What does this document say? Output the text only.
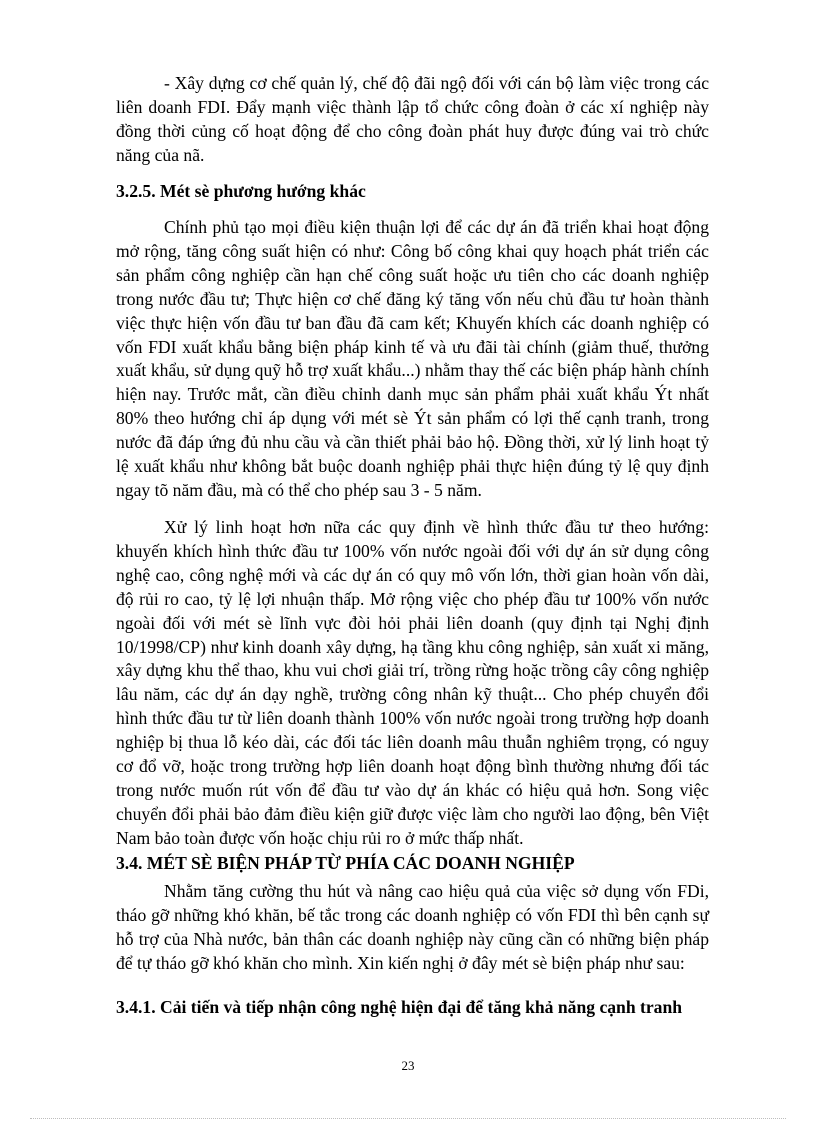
- Xây dựng cơ chế quản lý, chế độ đãi ngộ đối với cán bộ làm việc trong các liên doanh FDI. Đẩy mạnh việc thành lập tổ chức công đoàn ở các xí nghiệp này đồng thời củng cố hoạt động để cho công đoàn phát huy được đúng vai trò chức năng của nã.

3.2.5. Mét sè phương hướng khác

Chính phủ tạo mọi điều kiện thuận lợi để các dự án đã triển khai hoạt động mở rộng, tăng công suất hiện có như: Công bố công khai quy hoạch phát triển các sản phẩm công nghiệp cần hạn chế công suất hoặc ưu tiên cho các doanh nghiệp trong nước đầu tư; Thực hiện cơ chế đăng ký tăng vốn nếu chủ đầu tư hoàn thành việc thực hiện vốn đầu tư ban đầu đã cam kết; Khuyến khích các doanh nghiệp có vốn FDI xuất khẩu bằng biện pháp kinh tế và ưu đãi tài chính (giảm thuế, thưởng xuất khẩu, sử dụng quỹ hỗ trợ xuất khẩu...) nhằm thay thế các biện pháp hành chính hiện nay. Trước mắt, cần điều chỉnh danh mục sản phẩm phải xuất khẩu Ýt nhất 80% theo hướng chỉ áp dụng với mét sè Ýt sản phẩm có lợi thế cạnh tranh, trong nước đã đáp ứng đủ nhu cầu và cần thiết phải bảo hộ. Đồng thời, xử lý linh hoạt tỷ lệ xuất khẩu như không bắt buộc doanh nghiệp phải thực hiện đúng tỷ lệ quy định ngay tõ năm đầu, mà có thể cho phép sau 3 - 5 năm.

Xử lý linh hoạt hơn nữa các quy định về hình thức đầu tư theo hướng: khuyến khích hình thức đầu tư 100% vốn nước ngoài đối với dự án sử dụng công nghệ cao, công nghệ mới và các dự án có quy mô vốn lớn, thời gian hoàn vốn dài, độ rủi ro cao, tỷ lệ lợi nhuận thấp. Mở rộng việc cho phép đầu tư 100% vốn nước ngoài đối với mét sè lĩnh vực đòi hỏi phải liên doanh (quy định tại Nghị định 10/1998/CP) như kinh doanh xây dựng, hạ tầng khu công nghiệp, sản xuất xi măng, xây dựng khu thể thao, khu vui chơi giải trí, trồng rừng hoặc trồng cây công nghiệp lâu năm, các dự án dạy nghề, trường công nhân kỹ thuật... Cho phép chuyển đổi hình thức đầu tư từ liên doanh thành 100% vốn nước ngoài trong trường hợp doanh nghiệp bị thua lỗ kéo dài, các đối tác liên doanh mâu thuẫn nghiêm trọng, có nguy cơ đổ vỡ, hoặc trong trường hợp liên doanh hoạt động bình thường nhưng đối tác trong nước muốn rút vốn để đầu tư vào dự án khác có hiệu quả hơn. Song việc chuyển đổi phải bảo đảm điều kiện giữ được việc làm cho người lao động, bên Việt Nam bảo toàn được vốn hoặc chịu rủi ro ở mức thấp nhất.

3.4. MÉT SÈ BIỆN PHÁP TỪ PHÍA CÁC DOANH NGHIỆP

Nhằm tăng cường thu hút và nâng cao hiệu quả của việc sở dụng vốn FDi, tháo gỡ những khó khăn, bế tắc trong các doanh nghiệp có vốn FDI thì bên cạnh sự hỗ trợ của Nhà nước, bản thân các doanh nghiệp này cũng cần có những biện pháp để tự tháo gỡ khó khăn cho mình. Xin kiến nghị ở đây mét sè biện pháp như sau:

3.4.1. Cải tiến và tiếp nhận công nghệ hiện đại để tăng khả năng cạnh tranh

23
